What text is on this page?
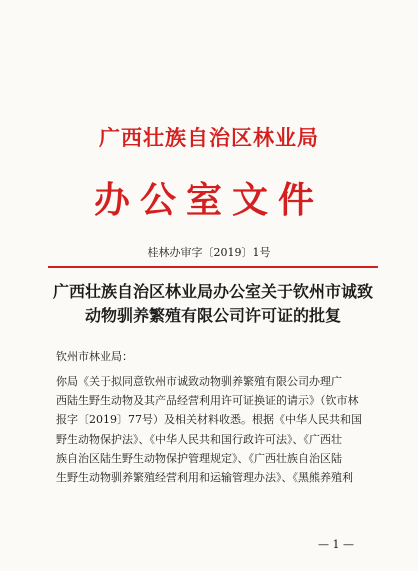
广西壮族自治区林业局
办公室文件
桂林办审字〔2019〕1号
广西壮族自治区林业局办公室关于钦州市诚致
动物驯养繁殖有限公司许可证的批复
钦州市林业局：
你局《关于拟同意钦州市诚致动物驯养繁殖有限公司办理广
西陆生野生动物及其产品经营利用许可证换证的请示》（钦市林
报字〔2019〕77号）及相关材料收悉。根据《中华人民共和国
野生动物保护法》、《中华人民共和国行政许可法》、《广西壮
族自治区陆生野生动物保护管理规定》、《广西壮族自治区陆
生野生动物驯养繁殖经营利用和运输管理办法》、《黑熊养殖利
— 1 —
